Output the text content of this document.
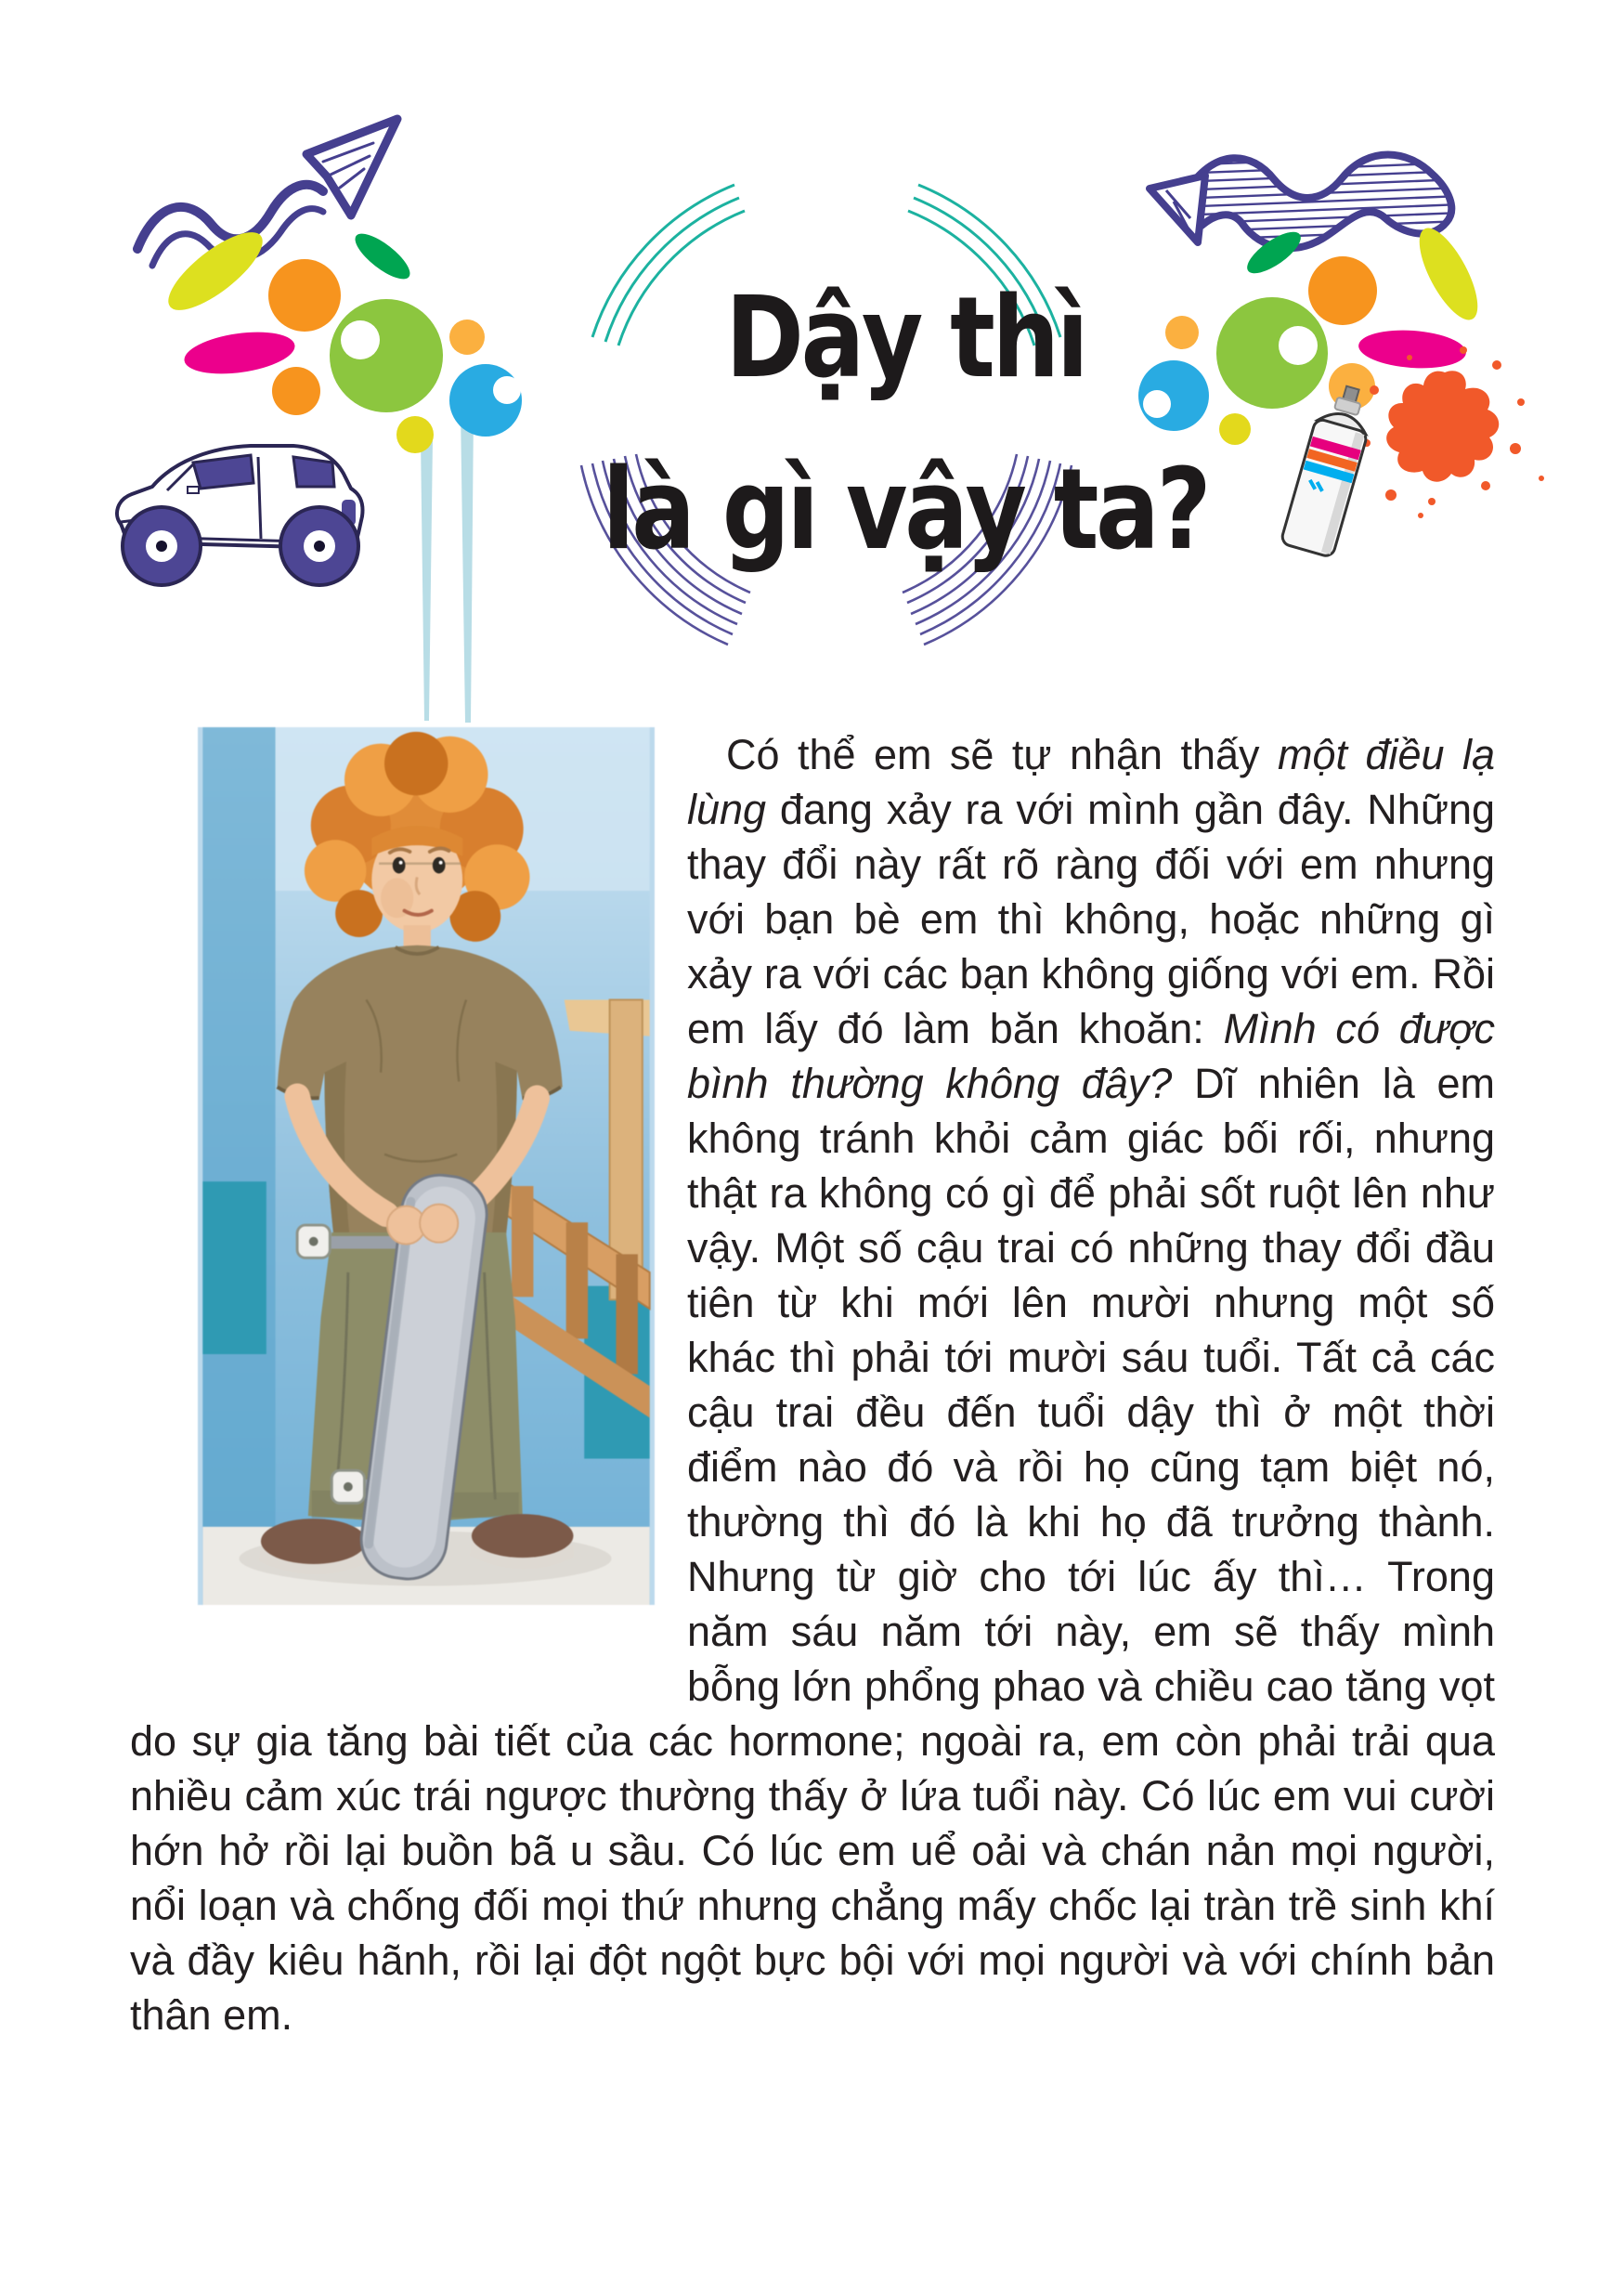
Dậy thì
là gì vậy ta?

Có thể em sẽ tự nhận thấy một điều lạ lùng đang xảy ra với mình gần đây. Những thay đổi này rất rõ ràng đối với em nhưng với bạn bè em thì không, hoặc những gì xảy ra với các bạn không giống với em. Rồi em lấy đó làm băn khoăn: Mình có được bình thường không đây? Dĩ nhiên là em không tránh khỏi cảm giác bối rối, nhưng thật ra không có gì để phải sốt ruột lên như vậy. Một số cậu trai có những thay đổi đầu tiên từ khi mới lên mười nhưng một số khác thì phải tới mười sáu tuổi. Tất cả các cậu trai đều đến tuổi dậy thì ở một thời điểm nào đó và rồi họ cũng tạm biệt nó, thường thì đó là khi họ đã trưởng thành. Nhưng từ giờ cho tới lúc ấy thì… Trong năm sáu năm tới này, em sẽ thấy mình bỗng lớn phổng phao và chiều cao tăng vọt do sự gia tăng bài tiết của các hormone; ngoài ra, em còn phải trải qua nhiều cảm xúc trái ngược thường thấy ở lứa tuổi này. Có lúc em vui cười hớn hở rồi lại buồn bã u sầu. Có lúc em uể oải và chán nản mọi người, nổi loạn và chống đối mọi thứ nhưng chẳng mấy chốc lại tràn trề sinh khí và đầy kiêu hãnh, rồi lại đột ngột bực bội với mọi người và với chính bản thân em.
